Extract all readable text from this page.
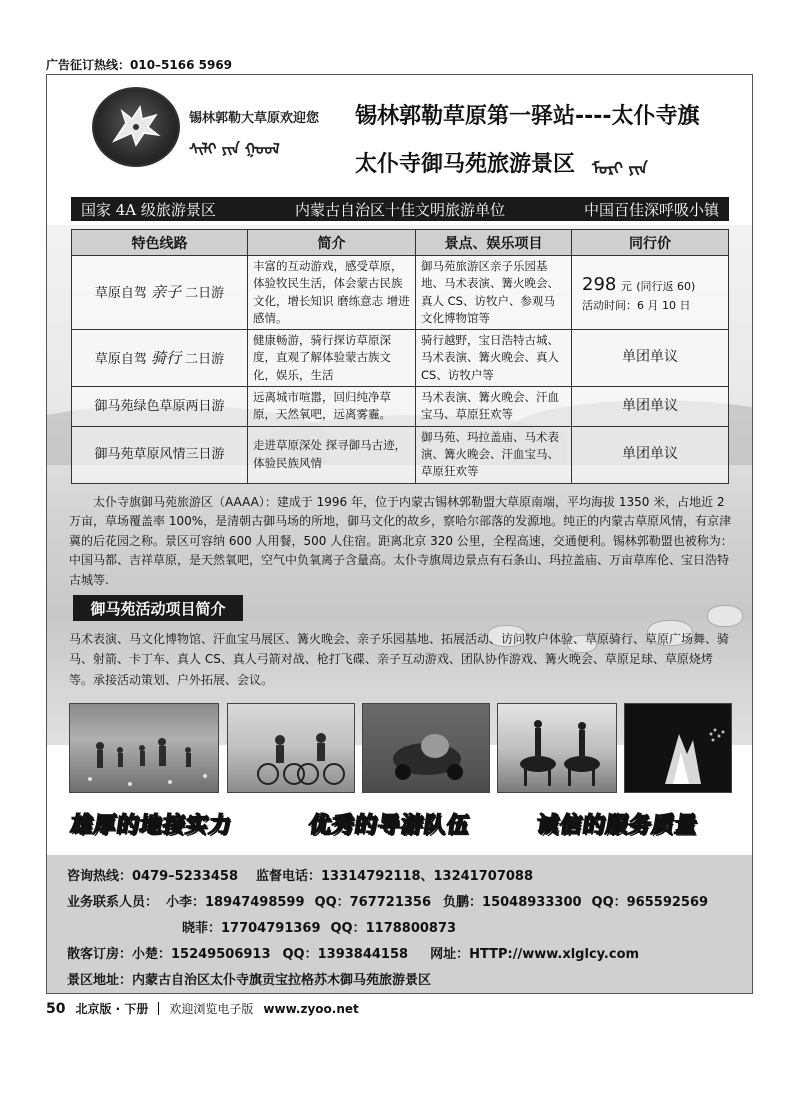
广告征订热线：010–5166 5969
锡林郭勒大草原欢迎您
ᠰᠢᠯᠢ ᠶᠢᠨ ᠭᠣᠤᠯ
锡林郭勒草原第一驿站----太仆寺旗
太仆寺御马苑旅游景区 ᠮᠣᠷᠢ ᠶᠢᠨ
国家 4A 级旅游景区	内蒙古自治区十佳文明旅游单位	中国百佳深呼吸小镇
特色线路	简介	景点、娱乐项目	同行价
草原自驾 亲子 二日游	丰富的互动游戏，感受草原，体验牧民生活，体会蒙古民族文化，增长知识 磨练意志 增进感情。	御马苑旅游区亲子乐园基地、马术表演、篝火晚会、真人 CS、访牧户、参观马文化博物馆等	298 元 (同行返 60)
活动时间：6 月 10 日

草原自驾 骑行 二日游	健康畅游，骑行探访草原深度，直观了解体验蒙古族文化，娱乐，生活	骑行越野，宝日浩特古城、马术表演、篝火晚会、真人 CS、访牧户等	单团单议
御马苑绿色草原两日游	远离城市喧嚣，回归纯净草原，天然氧吧，远离雾霾。	马术表演、篝火晚会、汗血宝马、草原狂欢等	单团单议
御马苑草原风情三日游	走进草原深处 探寻御马古迹，体验民族风情	御马苑、玛拉盖庙、马术表演、篝火晚会、汗血宝马、草原狂欢等	单团单议

太仆寺旗御马苑旅游区（AAAA）：建成于 1996 年，位于内蒙古锡林郭勒盟大草原南端，平均海拔 1350 米，占地近 2 万亩，草场覆盖率 100%，是清朝古御马场的所地，御马文化的故乡，察哈尔部落的发源地。纯正的内蒙古草原风情，有京津冀的后花园之称。景区可容纳 600 人用餐，500 人住宿。距离北京 320 公里，全程高速，交通便利。锡林郭勒盟也被称为：中国马都、吉祥草原，是天然氧吧，空气中负氧离子含量高。太仆寺旗周边景点有石条山、玛拉盖庙、万亩草库伦、宝日浩特古城等.

御马苑活动项目简介

马术表演、马文化博物馆、汗血宝马展区、篝火晚会、亲子乐园基地、拓展活动、访问牧户体验、草原骑行、草原广场舞、骑马、射箭、卡丁车、真人 CS、真人弓箭对战、枪打飞碟、亲子互动游戏、团队协作游戏、篝火晚会、草原足球、草原烧烤等。承接活动策划、户外拓展、会议。

雄厚的地接实力	优秀的导游队伍	诚信的服务质量
咨询热线：0479–5233458 监督电话：13314792118、13241707088
业务联系人员： 小李：18947498599 QQ：767721356 负鹏：15048933300 QQ：965592569
晓菲：17704791369 QQ：1178800873
散客订房：小楚：15249506913 QQ：1393844158 网址：HTTP://www.xlglcy.com
景区地址：内蒙古自治区太仆寺旗贡宝拉格苏木御马苑旅游景区
50 北京版 · 下册 欢迎浏览电子版 www.zyoo.net
